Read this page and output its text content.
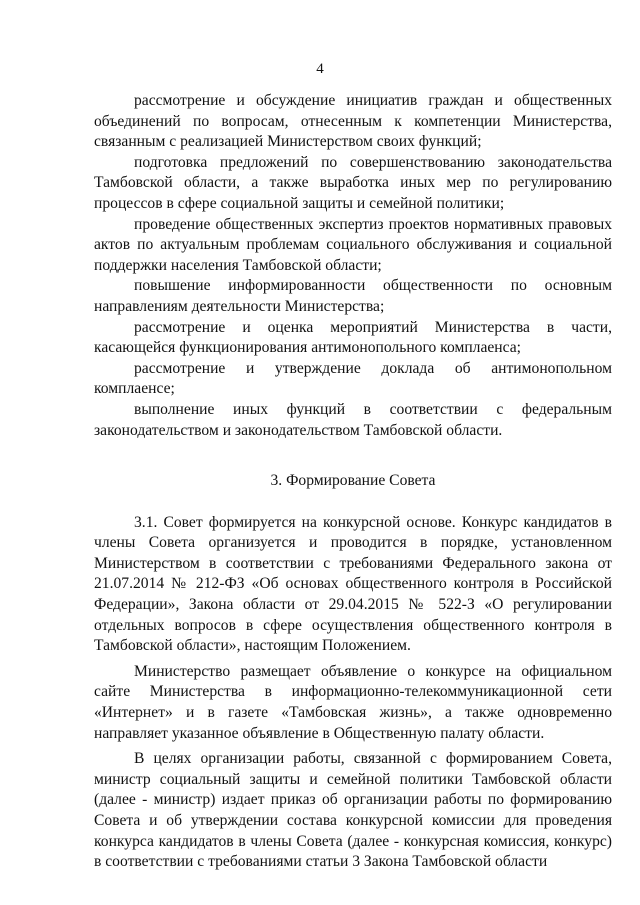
4

рассмотрение и обсуждение инициатив граждан и общественных объединений по вопросам, отнесенным к компетенции Министерства, связанным с реализацией Министерством своих функций;

подготовка предложений по совершенствованию законодательства Тамбовской области, а также выработка иных мер по регулированию процессов в сфере социальной защиты и семейной политики;

проведение общественных экспертиз проектов нормативных правовых актов по актуальным проблемам социального обслуживания и социальной поддержки населения Тамбовской области;

повышение информированности общественности по основным направлениям деятельности Министерства;

рассмотрение и оценка мероприятий Министерства в части, касающейся функционирования антимонопольного комплаенса;

рассмотрение и утверждение доклада об антимонопольном комплаенсе;

выполнение иных функций в соответствии с федеральным законодательством и законодательством Тамбовской области.

3. Формирование Совета

3.1. Совет формируется на конкурсной основе. Конкурс кандидатов в члены Совета организуется и проводится в порядке, установленном Министерством в соответствии с требованиями Федерального закона от 21.07.2014 № 212-ФЗ «Об основах общественного контроля в Российской Федерации», Закона области от 29.04.2015 № 522-З «О регулировании отдельных вопросов в сфере осуществления общественного контроля в Тамбовской области», настоящим Положением.

Министерство размещает объявление о конкурсе на официальном сайте Министерства в информационно-телекоммуникационной сети «Интернет» и в газете «Тамбовская жизнь», а также одновременно направляет указанное объявление в Общественную палату области.

В целях организации работы, связанной с формированием Совета, министр социальный защиты и семейной политики Тамбовской области (далее - министр) издает приказ об организации работы по формированию Совета и об утверждении состава конкурсной комиссии для проведения конкурса кандидатов в члены Совета (далее - конкурсная комиссия, конкурс) в соответствии с требованиями статьи 3 Закона Тамбовской области
